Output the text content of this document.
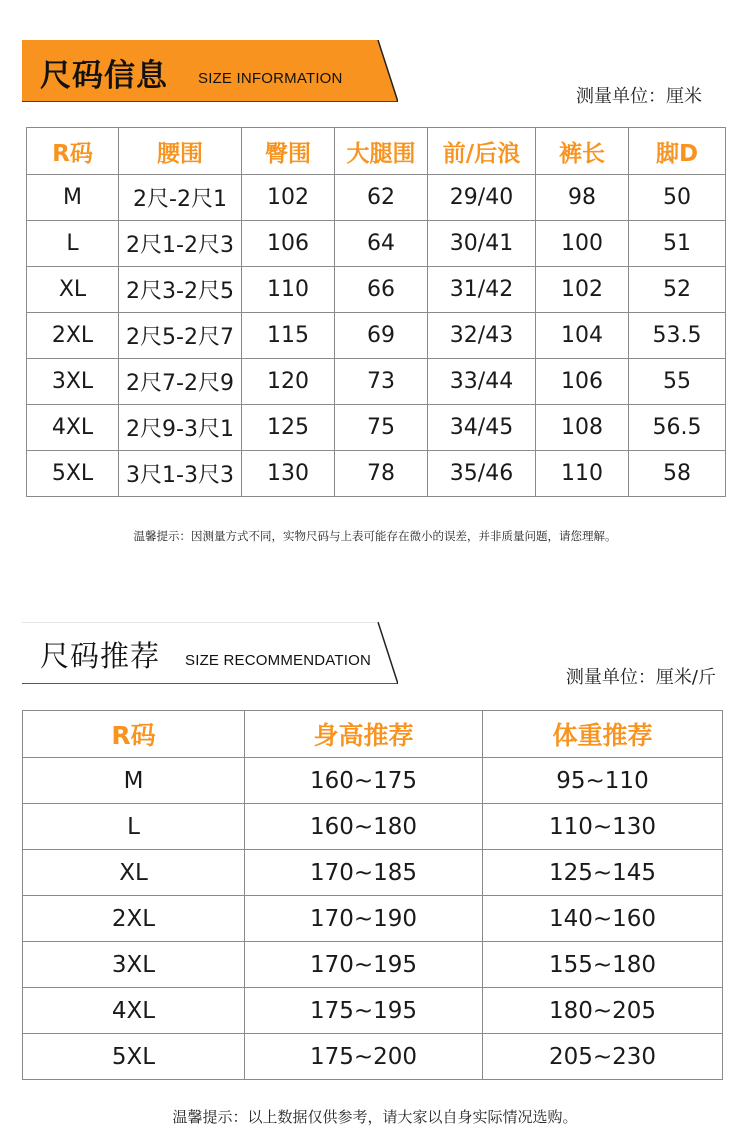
尺码信息 SIZE INFORMATION
测量单位：厘米
R码	腰围	臀围	大腿围	前/后浪	裤长	脚D
M	2尺-2尺1	102	62	29/40	98	50
L	2尺1-2尺3	106	64	30/41	100	51
XL	2尺3-2尺5	110	66	31/42	102	52
2XL	2尺5-2尺7	115	69	32/43	104	53.5
3XL	2尺7-2尺9	120	73	33/44	106	55
4XL	2尺9-3尺1	125	75	34/45	108	56.5
5XL	3尺1-3尺3	130	78	35/46	110	58
温馨提示：因测量方式不同，实物尺码与上表可能存在微小的误差，并非质量问题，请您理解。
尺码推荐 SIZE RECOMMENDATION
测量单位：厘米/斤
R码	身高推荐	体重推荐
M	160~175	95~110
L	160~180	110~130
XL	170~185	125~145
2XL	170~190	140~160
3XL	170~195	155~180
4XL	175~195	180~205
5XL	175~200	205~230
温馨提示：以上数据仅供参考，请大家以自身实际情况选购。
